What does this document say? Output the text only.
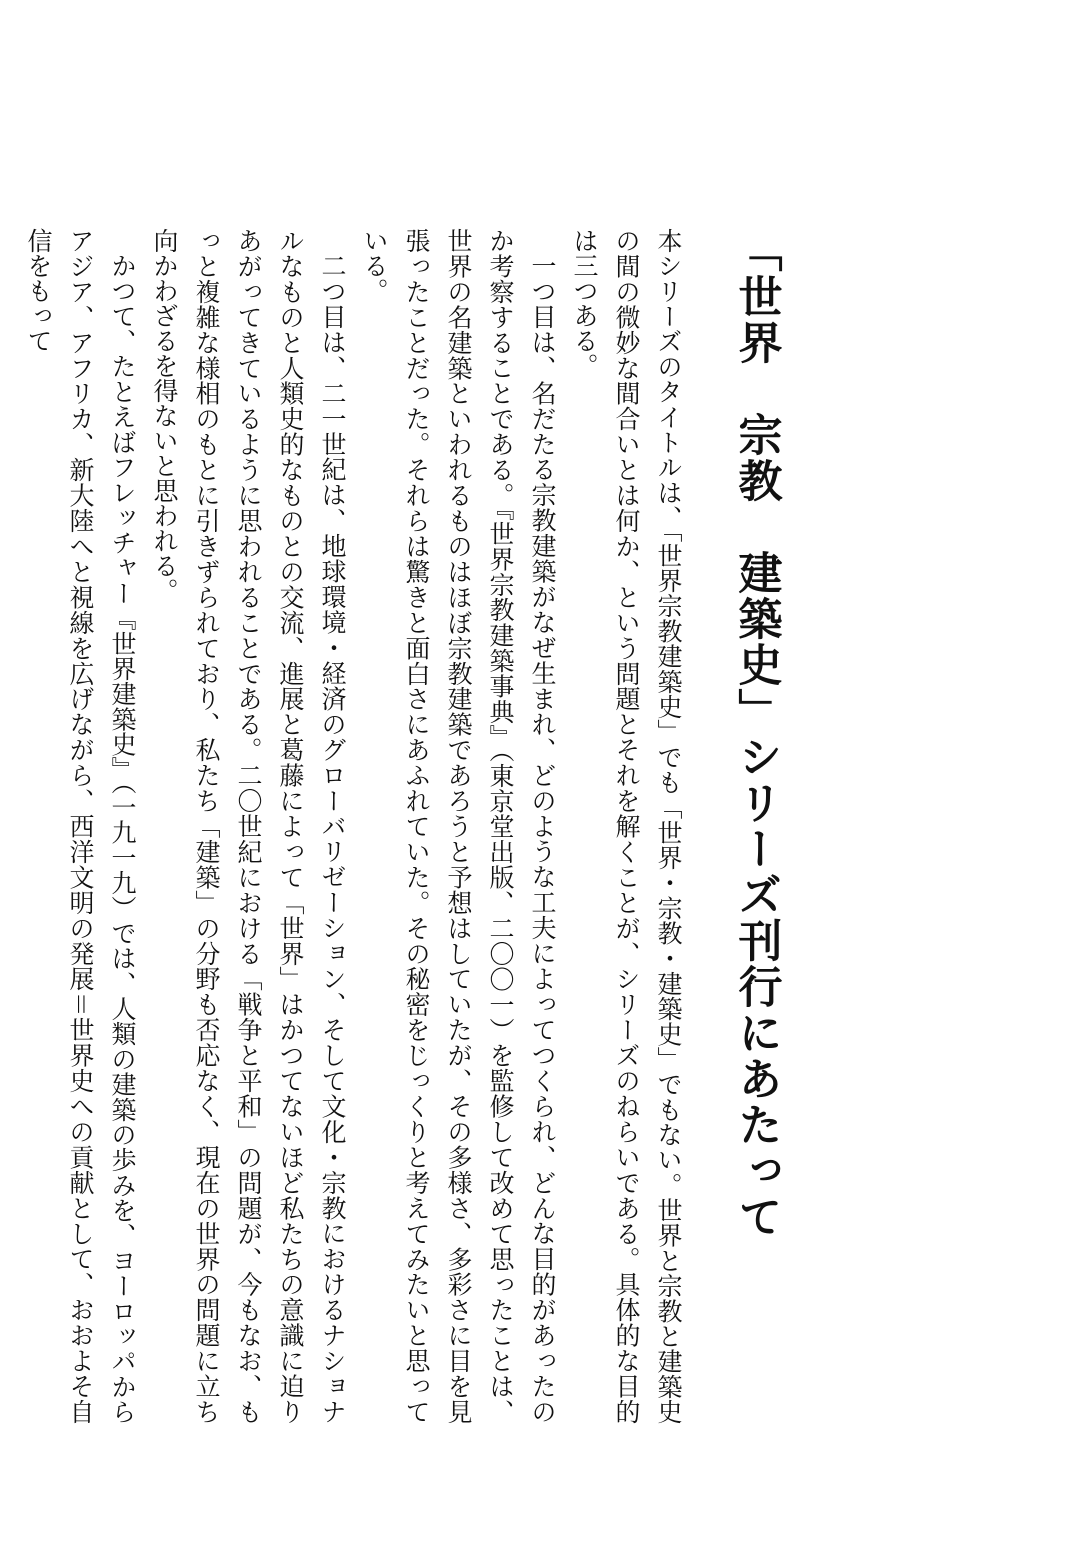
「世界　宗教　建築史」シリーズ刊行にあたって

本シリーズのタイトルは、「世界宗教建築史」でも「世界・宗教・建築史」でもない。世界と宗教と建築史の間の微妙な間合いとは何か、という問題とそれを解くことが、シリーズのねらいである。具体的な目的は三つある。

一つ目は、名だたる宗教建築がなぜ生まれ、どのような工夫によってつくられ、どんな目的があったのか考察することである。『世界宗教建築事典』（東京堂出版、二〇〇一）を監修して改めて思ったことは、世界の名建築といわれるものはほぼ宗教建築であろうと予想はしていたが、その多様さ、多彩さに目を見張ったことだった。それらは驚きと面白さにあふれていた。その秘密をじっくりと考えてみたいと思っている。

二つ目は、二一世紀は、地球環境・経済のグローバリゼーション、そして文化・宗教におけるナショナルなものと人類史的なものとの交流、進展と葛藤によって「世界」はかつてないほど私たちの意識に迫りあがってきているように思われることである。二〇世紀における「戦争と平和」の問題が、今もなお、もっと複雑な様相のもとに引きずられており、私たち「建築」の分野も否応なく、現在の世界の問題に立ち向かわざるを得ないと思われる。

かつて、たとえばフレッチャー『世界建築史』（一九一九）では、人類の建築の歩みを、ヨーロッパからアジア、アフリカ、新大陸へと視線を広げながら、西洋文明の発展＝世界史への貢献として、おおよそ自信をもって
